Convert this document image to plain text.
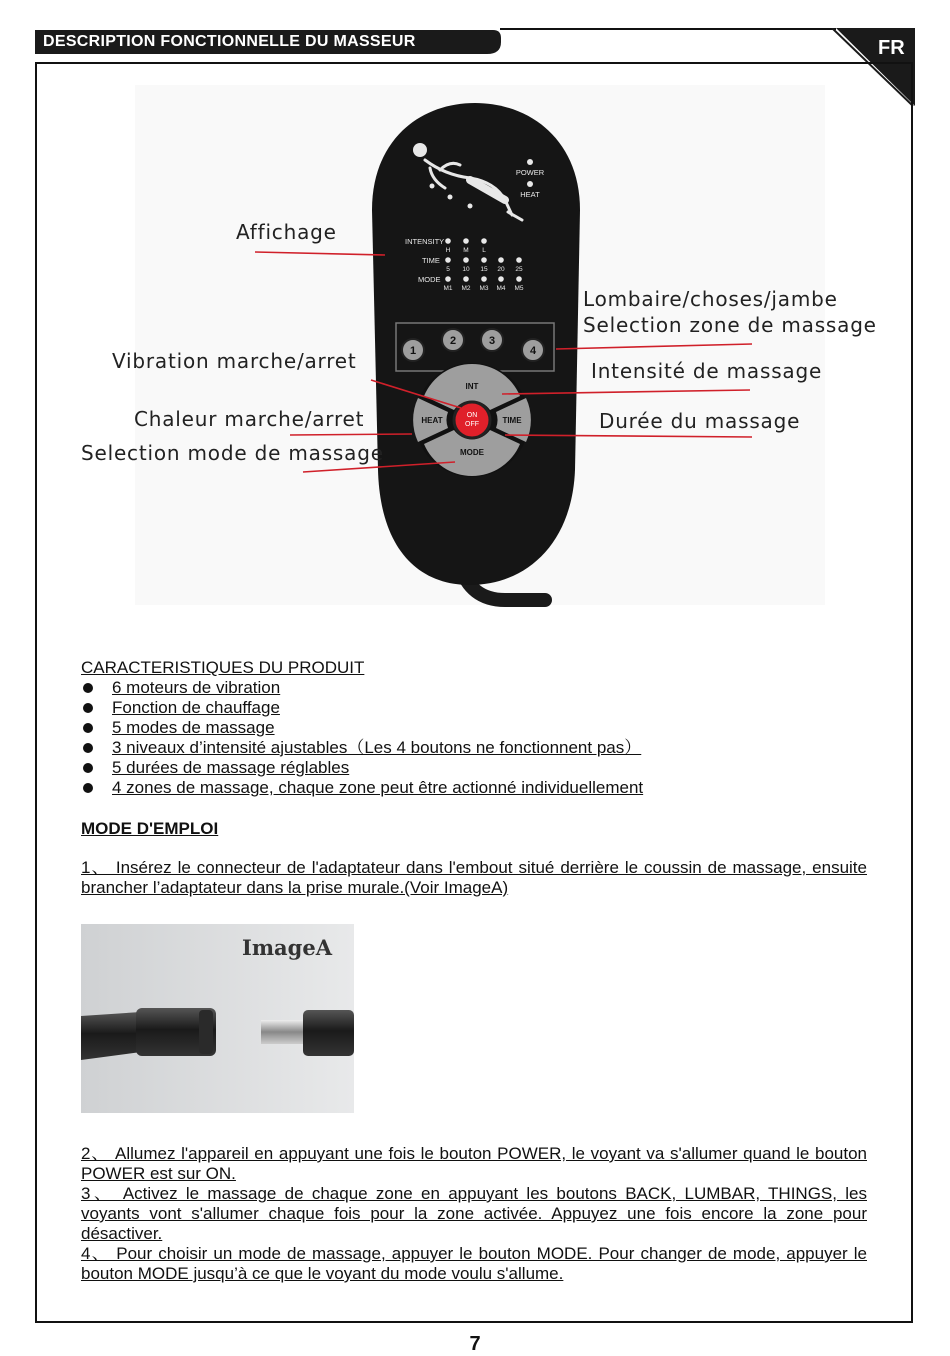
DESCRIPTION FONCTIONNELLE DU MASSEUR	FR
POWER
HEAT
INTENSITY
TIME
MODE
H M L
5 10 15 20 25
M1 M2 M3 M4 M5
1
2	3
4
INT
MODE
HEAT	TIME
ON
OFF
Affichage
Lombaire/choses/jambe
Selection zone de massage
Vibration marche/arret	Intensité de massage
Chaleur marche/arret	Durée du massage
Selection mode de massage
CARACTERISTIQUES DU PRODUIT
6 moteurs de vibration
Fonction de chauffage
5 modes de massage
3 niveaux d’intensité ajustables（Les 4 boutons ne fonctionnent pas）
5 durées de massage réglables
4 zones de massage, chaque zone peut être actionné individuellement
MODE D'EMPLOI
1、 Insérez le connecteur de l'adaptateur dans l'embout situé derrière le coussin de massage, ensuite brancher l’adaptateur dans la prise murale.(Voir ImageA)
ImageA
2、 Allumez l'appareil en appuyant une fois le bouton POWER, le voyant va s'allumer quand le bouton POWER est sur ON.
3、 Activez le massage de chaque zone en appuyant les boutons BACK, LUMBAR, THINGS, les voyants vont s'allumer chaque fois pour la zone activée. Appuyez une fois encore la zone pour désactiver.
4、 Pour choisir un mode de massage, appuyer le bouton MODE. Pour changer de mode, appuyer le bouton MODE jusqu’à ce que le voyant du mode voulu s'allume.
7
